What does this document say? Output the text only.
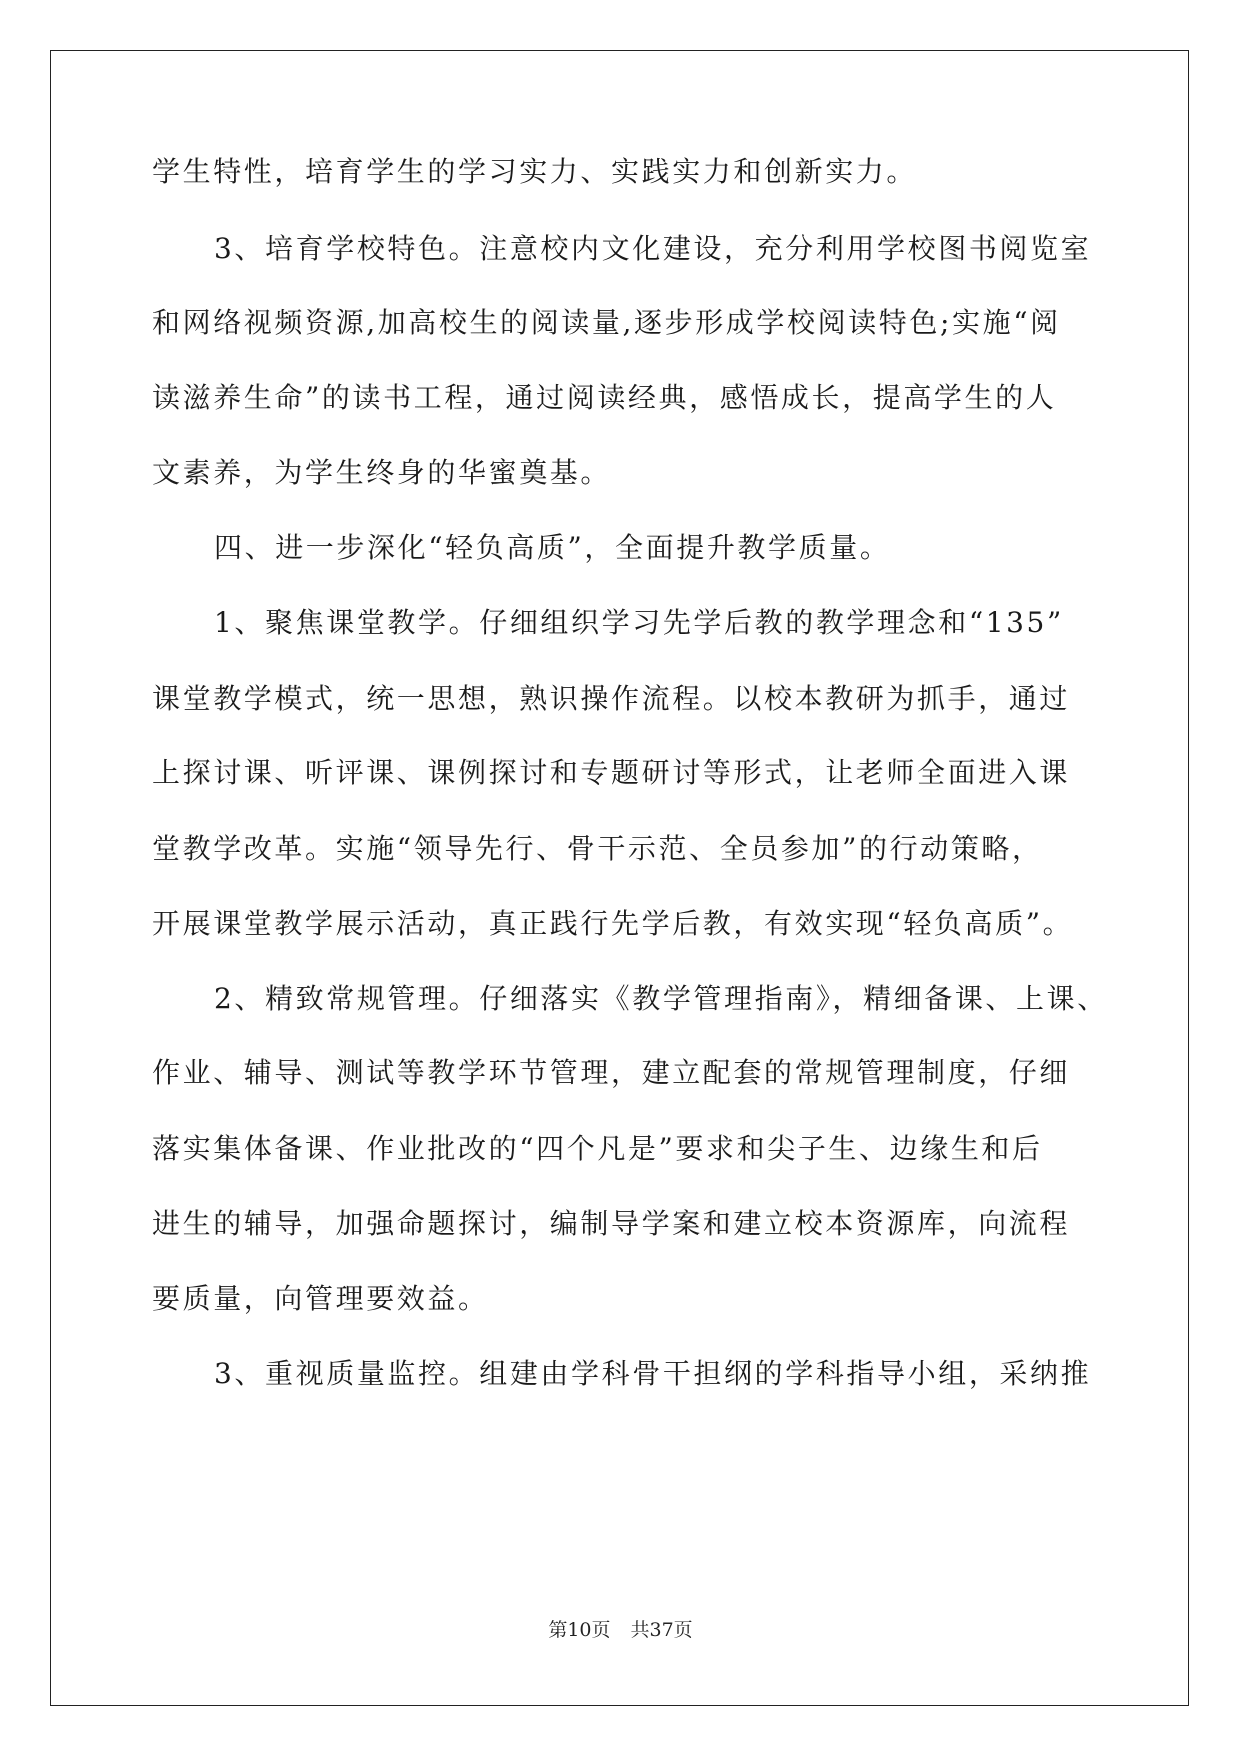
学生特性，培育学生的学习实力、实践实力和创新实力。
3、培育学校特色。注意校内文化建设，充分利用学校图书阅览室
和网络视频资源,加高校生的阅读量,逐步形成学校阅读特色;实施“阅
读滋养生命”的读书工程，通过阅读经典，感悟成长，提高学生的人
文素养，为学生终身的华蜜奠基。
四、进一步深化“轻负高质”，全面提升教学质量。
1、聚焦课堂教学。仔细组织学习先学后教的教学理念和“135”
课堂教学模式，统一思想，熟识操作流程。以校本教研为抓手，通过
上探讨课、听评课、课例探讨和专题研讨等形式，让老师全面进入课
堂教学改革。实施“领导先行、骨干示范、全员参加”的行动策略，
开展课堂教学展示活动，真正践行先学后教，有效实现“轻负高质”。
2、精致常规管理。仔细落实《教学管理指南》，精细备课、上课、
作业、辅导、测试等教学环节管理，建立配套的常规管理制度，仔细
落实集体备课、作业批改的“四个凡是”要求和尖子生、边缘生和后
进生的辅导，加强命题探讨，编制导学案和建立校本资源库，向流程
要质量，向管理要效益。
3、重视质量监控。组建由学科骨干担纲的学科指导小组，采纳推
第10页 共37页
